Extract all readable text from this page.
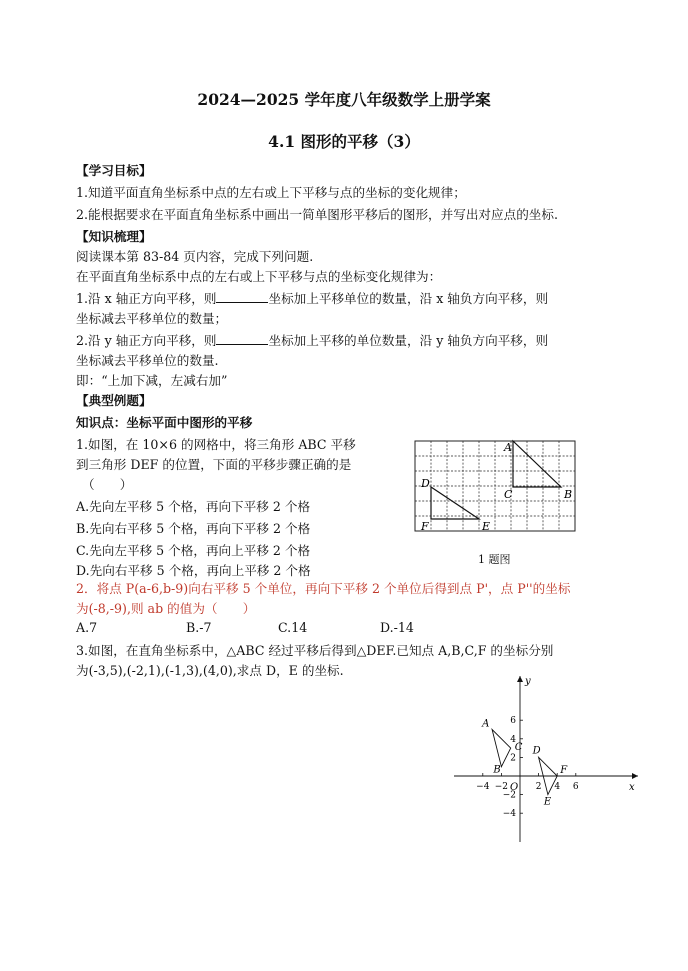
2024—2025 学年度八年级数学上册学案
4.1 图形的平移（3）
【学习目标】
1.知道平面直角坐标系中点的左右或上下平移与点的坐标的变化规律；
2.能根据要求在平面直角坐标系中画出一简单图形平移后的图形，并写出对应点的坐标.
【知识梳理】
阅读课本第 83-84 页内容，完成下列问题.
在平面直角坐标系中点的左右或上下平移与点的坐标变化规律为：
1.沿 x 轴正方向平移，则	坐标加上平移单位的数量，沿 x 轴负方向平移，则
坐标减去平移单位的数量；
2.沿 y 轴正方向平移，则	坐标加上平移的单位数量，沿 y 轴负方向平移，则
坐标减去平移单位的数量.
即：“上加下减，左减右加”
【典型例题】
知识点：坐标平面中图形的平移
1.如图，在 10×6 的网格中，将三角形 ABC 平移
到三角形 DEF 的位置，下面的平移步骤正确的是
（　　）
A.先向左平移 5 个格，再向下平移 2 个格
B.先向右平移 5 个格，再向下平移 2 个格
C.先向左平移 5 个格，再向上平移 2 个格
D.先向右平移 5 个格，再向上平移 2 个格
A
B
C
D
E
F
1 题图
2．将点 P(a-6,b-9)向右平移 5 个单位，再向下平移 2 个单位后得到点 P'，点 P''的坐标
为(-8,-9),则 ab 的值为（　　）
A.7	B.-7	C.14	D.-14
3.如图，在直角坐标系中，△ABC 经过平移后得到△DEF.已知点 A,B,C,F 的坐标分别
为(-3,5),(-2,1),(-1,3),(4,0),求点 D，E 的坐标.
x
y
O
−4 −2	2 4 6
6
4
2
−2
−4
A
B
C D
E
F
